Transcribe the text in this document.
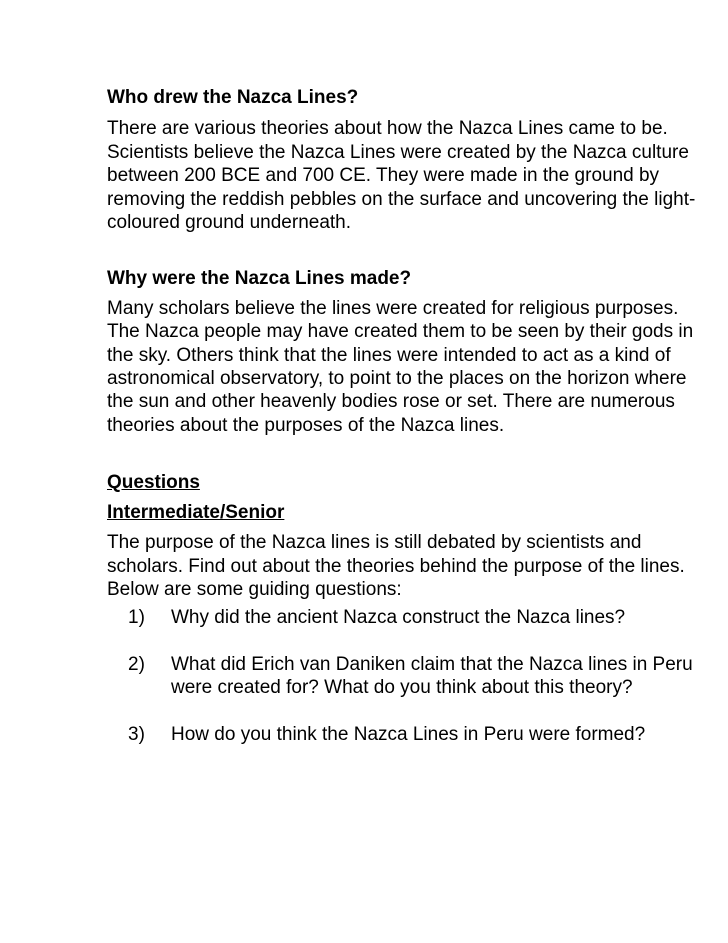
Who drew the Nazca Lines?

There are various theories about how the Nazca Lines came to be. Scientists believe the Nazca Lines were created by the Nazca culture between 200 BCE and 700 CE. They were made in the ground by removing the reddish pebbles on the surface and uncovering the light-coloured ground underneath.

Why were the Nazca Lines made?

Many scholars believe the lines were created for religious purposes. The Nazca people may have created them to be seen by their gods in the sky. Others think that the lines were intended to act as a kind of astronomical observatory, to point to the places on the horizon where the sun and other heavenly bodies rose or set. There are numerous theories about the purposes of the Nazca lines.

Questions

Intermediate/Senior

The purpose of the Nazca lines is still debated by scientists and scholars. Find out about the theories behind the purpose of the lines. Below are some guiding questions:

1) Why did the ancient Nazca construct the Nazca lines?
2) What did Erich van Daniken claim that the Nazca lines in Peru were created for? What do you think about this theory?
3) How do you think the Nazca Lines in Peru were formed?
